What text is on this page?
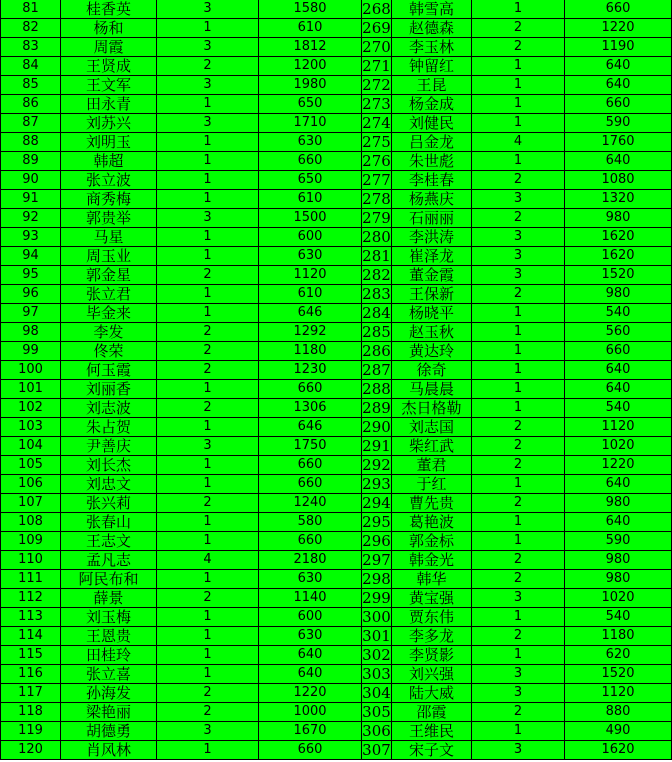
81	桂香英	3	1580	268	韩雪高	1	660
82	杨和	1	610	269	赵德森	2	1220
83	周霞	3	1812	270	李玉林	2	1190
84	王贤成	2	1200	271	钟留红	1	640
85	王文军	3	1980	272	王昆	1	640
86	田永青	1	650	273	杨金成	1	660
87	刘苏兴	3	1710	274	刘健民	1	590
88	刘明玉	1	630	275	吕金龙	4	1760
89	韩超	1	660	276	朱世彪	1	640
90	张立波	1	650	277	李桂春	2	1080
91	商秀梅	1	610	278	杨燕庆	3	1320
92	郭贵举	3	1500	279	石丽丽	2	980
93	马星	1	600	280	李洪涛	3	1620
94	周玉业	1	630	281	崔泽龙	3	1620
95	郭金星	2	1120	282	董金霞	3	1520
96	张立君	1	610	283	王保新	2	980
97	毕金来	1	646	284	杨晓平	1	540
98	李发	2	1292	285	赵玉秋	1	560
99	佟荣	2	1180	286	黄达玲	1	660
100	何玉霞	2	1230	287	徐奇	1	640
101	刘丽香	1	660	288	马晨晨	1	640
102	刘志波	2	1306	289	杰日格勒	1	540
103	朱占贺	1	646	290	刘志国	2	1120
104	尹善庆	3	1750	291	柴红武	2	1020
105	刘长杰	1	660	292	董君	2	1220
106	刘忠文	1	660	293	于红	1	640
107	张兴莉	2	1240	294	曹先贵	2	980
108	张春山	1	580	295	葛艳波	1	640
109	王志文	1	660	296	郭金标	1	590
110	孟凡志	4	2180	297	韩金光	2	980
111	阿民布和	1	630	298	韩华	2	980
112	薛景	2	1140	299	黄宝强	3	1020
113	刘玉梅	1	600	300	贾东伟	1	540
114	王恩贵	1	630	301	李多龙	2	1180
115	田桂玲	1	640	302	李贤影	1	620
116	张立喜	1	640	303	刘兴强	3	1520
117	孙海发	2	1220	304	陆大威	3	1120
118	梁艳丽	2	1000	305	邵霞	2	880
119	胡德勇	3	1670	306	王维民	1	490
120	肖风林	1	660	307	宋子文	3	1620
